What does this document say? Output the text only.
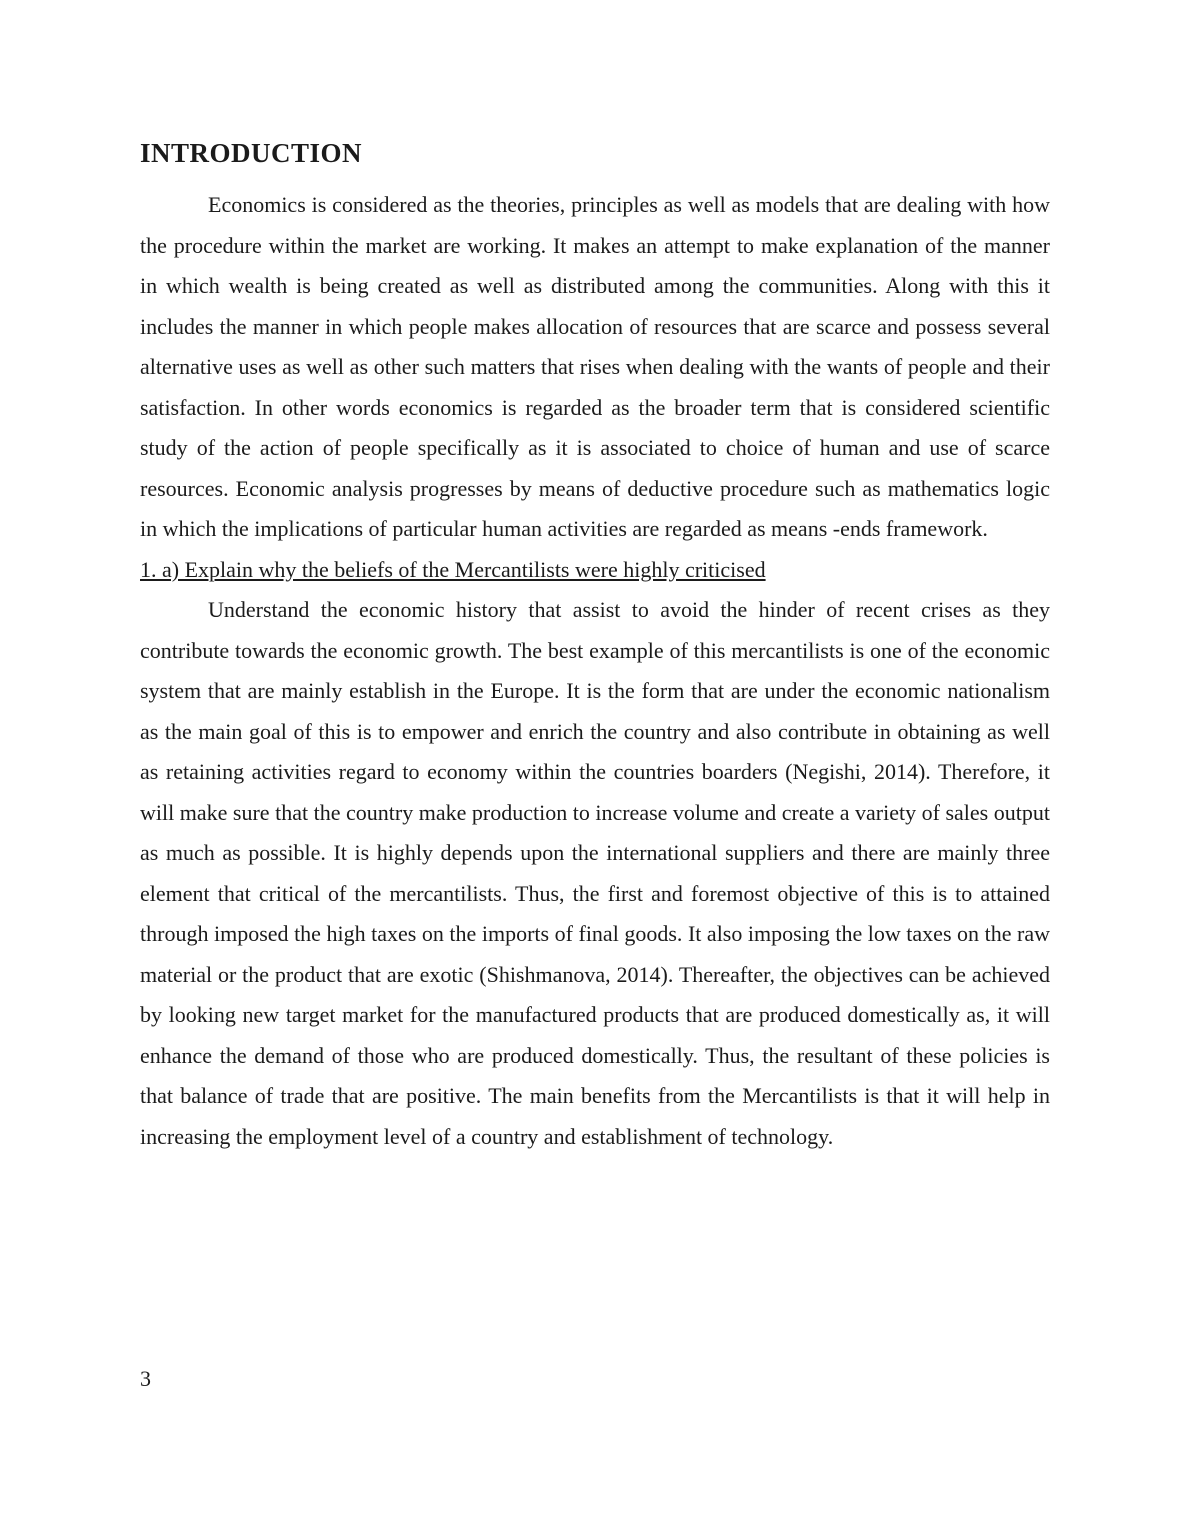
INTRODUCTION

Economics is considered as the theories, principles as well as models that are dealing with how the procedure within the market are working. It makes an attempt to make explanation of the manner in which wealth is being created as well as distributed among the communities. Along with this it includes the manner in which people makes allocation of resources that are scarce and possess several alternative uses as well as other such matters that rises when dealing with the wants of people and their satisfaction. In other words economics is regarded as the broader term that is considered scientific study of the action of people specifically as it is associated to choice of human and use of scarce resources. Economic analysis progresses by means of deductive procedure such as mathematics logic in which the implications of particular human activities are regarded as means -ends framework.

1. a) Explain why the beliefs of the Mercantilists were highly criticised

Understand the economic history that assist to avoid the hinder of recent crises as they contribute towards the economic growth. The best example of this mercantilists is one of the economic system that are mainly establish in the Europe. It is the form that are under the economic nationalism as the main goal of this is to empower and enrich the country and also contribute in obtaining as well as retaining activities regard to economy within the countries boarders (Negishi, 2014). Therefore, it will make sure that the country make production to increase volume and create a variety of sales output as much as possible. It is highly depends upon the international suppliers and there are mainly three element that critical of the mercantilists. Thus, the first and foremost objective of this is to attained through imposed the high taxes on the imports of final goods. It also imposing the low taxes on the raw material or the product that are exotic (Shishmanova, 2014). Thereafter, the objectives can be achieved by looking new target market for the manufactured products that are produced domestically as, it will enhance the demand of those who are produced domestically. Thus, the resultant of these policies is that balance of trade that are positive. The main benefits from the Mercantilists is that it will help in increasing the employment level of a country and establishment of technology.

3
